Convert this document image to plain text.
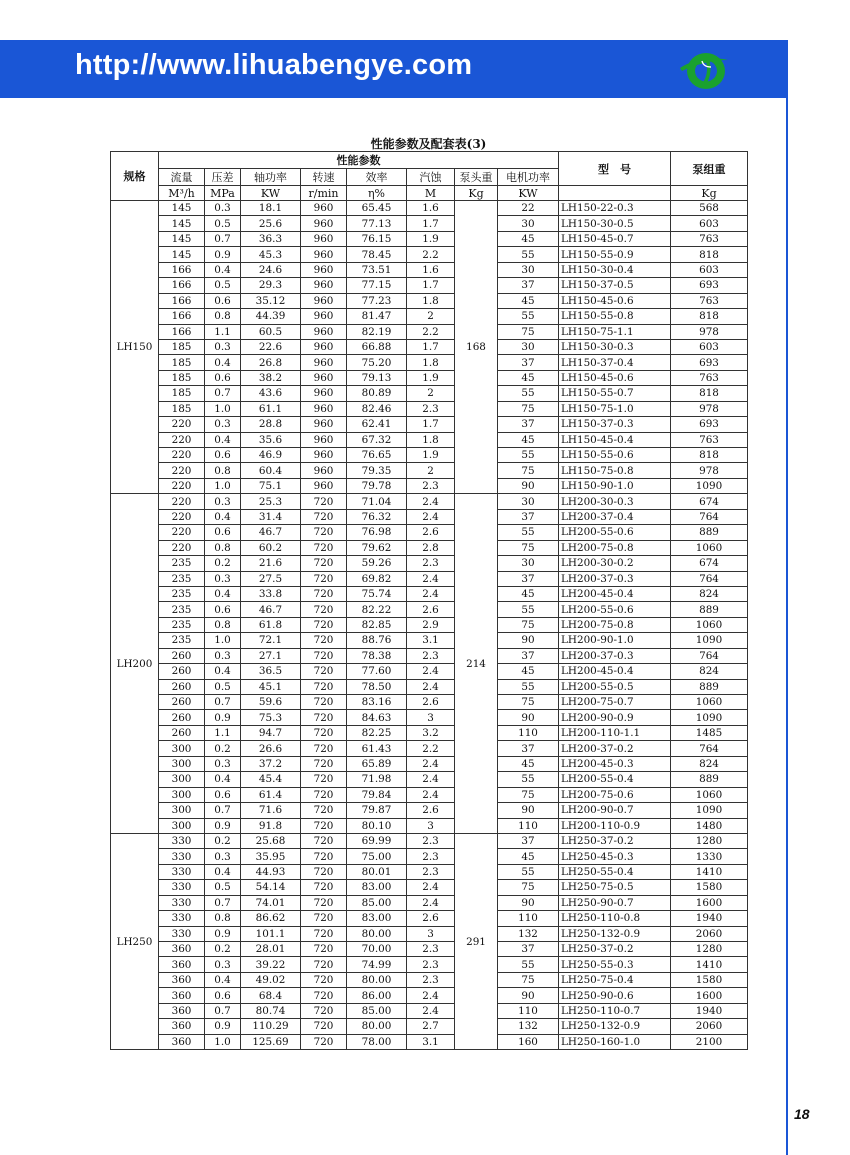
http://www.lihuabengye.com
性能参数及配套表(3)
规格	性能参数								型　号	泵组重
	流量	压差	轴功率	转速	效率	汽蚀	泵头重	电机功率		
	M³/h	MPa	KW	r/min	η%	M	Kg	KW		Kg
LH150	145	0.3	18.1	960	65.45	1.6	168	22	LH150-22-0.3	568
	145	0.5	25.6	960	77.13	1.7		30	LH150-30-0.5	603
	145	0.7	36.3	960	76.15	1.9		45	LH150-45-0.7	763
	145	0.9	45.3	960	78.45	2.2		55	LH150-55-0.9	818
	166	0.4	24.6	960	73.51	1.6		30	LH150-30-0.4	603
	166	0.5	29.3	960	77.15	1.7		37	LH150-37-0.5	693
	166	0.6	35.12	960	77.23	1.8		45	LH150-45-0.6	763
	166	0.8	44.39	960	81.47	2		55	LH150-55-0.8	818
	166	1.1	60.5	960	82.19	2.2		75	LH150-75-1.1	978
	185	0.3	22.6	960	66.88	1.7		30	LH150-30-0.3	603
	185	0.4	26.8	960	75.20	1.8		37	LH150-37-0.4	693
	185	0.6	38.2	960	79.13	1.9		45	LH150-45-0.6	763
	185	0.7	43.6	960	80.89	2		55	LH150-55-0.7	818
	185	1.0	61.1	960	82.46	2.3		75	LH150-75-1.0	978
	220	0.3	28.8	960	62.41	1.7		37	LH150-37-0.3	693
	220	0.4	35.6	960	67.32	1.8		45	LH150-45-0.4	763
	220	0.6	46.9	960	76.65	1.9		55	LH150-55-0.6	818
	220	0.8	60.4	960	79.35	2		75	LH150-75-0.8	978
	220	1.0	75.1	960	79.78	2.3		90	LH150-90-1.0	1090
LH200	220	0.3	25.3	720	71.04	2.4	214	30	LH200-30-0.3	674
	220	0.4	31.4	720	76.32	2.4		37	LH200-37-0.4	764
	220	0.6	46.7	720	76.98	2.6		55	LH200-55-0.6	889
	220	0.8	60.2	720	79.62	2.8		75	LH200-75-0.8	1060
	235	0.2	21.6	720	59.26	2.3		30	LH200-30-0.2	674
	235	0.3	27.5	720	69.82	2.4		37	LH200-37-0.3	764
	235	0.4	33.8	720	75.74	2.4		45	LH200-45-0.4	824
	235	0.6	46.7	720	82.22	2.6		55	LH200-55-0.6	889
	235	0.8	61.8	720	82.85	2.9		75	LH200-75-0.8	1060
	235	1.0	72.1	720	88.76	3.1		90	LH200-90-1.0	1090
	260	0.3	27.1	720	78.38	2.3		37	LH200-37-0.3	764
	260	0.4	36.5	720	77.60	2.4		45	LH200-45-0.4	824
	260	0.5	45.1	720	78.50	2.4		55	LH200-55-0.5	889
	260	0.7	59.6	720	83.16	2.6		75	LH200-75-0.7	1060
	260	0.9	75.3	720	84.63	3		90	LH200-90-0.9	1090
	260	1.1	94.7	720	82.25	3.2		110	LH200-110-1.1	1485
	300	0.2	26.6	720	61.43	2.2		37	LH200-37-0.2	764
	300	0.3	37.2	720	65.89	2.4		45	LH200-45-0.3	824
	300	0.4	45.4	720	71.98	2.4		55	LH200-55-0.4	889
	300	0.6	61.4	720	79.84	2.4		75	LH200-75-0.6	1060
	300	0.7	71.6	720	79.87	2.6		90	LH200-90-0.7	1090
	300	0.9	91.8	720	80.10	3		110	LH200-110-0.9	1480
LH250	330	0.2	25.68	720	69.99	2.3	291	37	LH250-37-0.2	1280
	330	0.3	35.95	720	75.00	2.3		45	LH250-45-0.3	1330
	330	0.4	44.93	720	80.01	2.3		55	LH250-55-0.4	1410
	330	0.5	54.14	720	83.00	2.4		75	LH250-75-0.5	1580
	330	0.7	74.01	720	85.00	2.4		90	LH250-90-0.7	1600
	330	0.8	86.62	720	83.00	2.6		110	LH250-110-0.8	1940
	330	0.9	101.1	720	80.00	3		132	LH250-132-0.9	2060
	360	0.2	28.01	720	70.00	2.3		37	LH250-37-0.2	1280
	360	0.3	39.22	720	74.99	2.3		55	LH250-55-0.3	1410
	360	0.4	49.02	720	80.00	2.3		75	LH250-75-0.4	1580
	360	0.6	68.4	720	86.00	2.4		90	LH250-90-0.6	1600
	360	0.7	80.74	720	85.00	2.4		110	LH250-110-0.7	1940
	360	0.9	110.29	720	80.00	2.7		132	LH250-132-0.9	2060
	360	1.0	125.69	720	78.00	3.1		160	LH250-160-1.0	2100
18
